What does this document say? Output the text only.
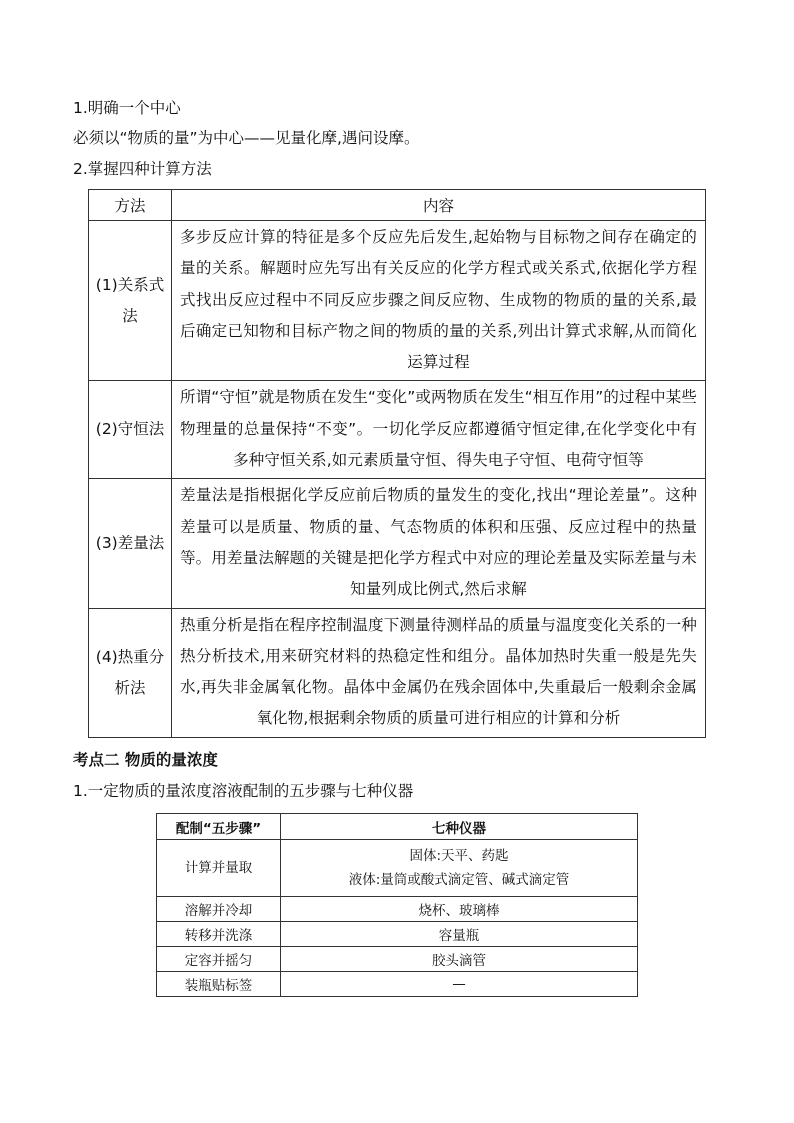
1.明确一个中心
必须以“物质的量”为中心——见量化摩,遇问设摩。
2.掌握四种计算方法
方法	内容
(1)关系式法	多步反应计算的特征是多个反应先后发生,起始物与目标物之间存在确定的量的关系。解题时应先写出有关反应的化学方程式或关系式,依据化学方程式找出反应过程中不同反应步骤之间反应物、生成物的物质的量的关系,最后确定已知物和目标产物之间的物质的量的关系,列出计算式求解,从而简化运算过程
(2)守恒法	所谓“守恒”就是物质在发生“变化”或两物质在发生“相互作用”的过程中某些物理量的总量保持“不变”。一切化学反应都遵循守恒定律,在化学变化中有多种守恒关系,如元素质量守恒、得失电子守恒、电荷守恒等
(3)差量法	差量法是指根据化学反应前后物质的量发生的变化,找出“理论差量”。这种差量可以是质量、物质的量、气态物质的体积和压强、反应过程中的热量等。用差量法解题的关键是把化学方程式中对应的理论差量及实际差量与未知量列成比例式,然后求解
(4)热重分析法	热重分析是指在程序控制温度下测量待测样品的质量与温度变化关系的一种热分析技术,用来研究材料的热稳定性和组分。晶体加热时失重一般是先失水,再失非金属氧化物。晶体中金属仍在残余固体中,失重最后一般剩余金属氧化物,根据剩余物质的质量可进行相应的计算和分析
考点二 物质的量浓度
1.一定物质的量浓度溶液配制的五步骤与七种仪器
配制“五步骤”	七种仪器
计算并量取	固体:天平、药匙
液体:量筒或酸式滴定管、碱式滴定管

溶解并冷却	烧杯、玻璃棒
转移并洗涤	容量瓶
定容并摇匀	胶头滴管
装瓶贴标签	—
